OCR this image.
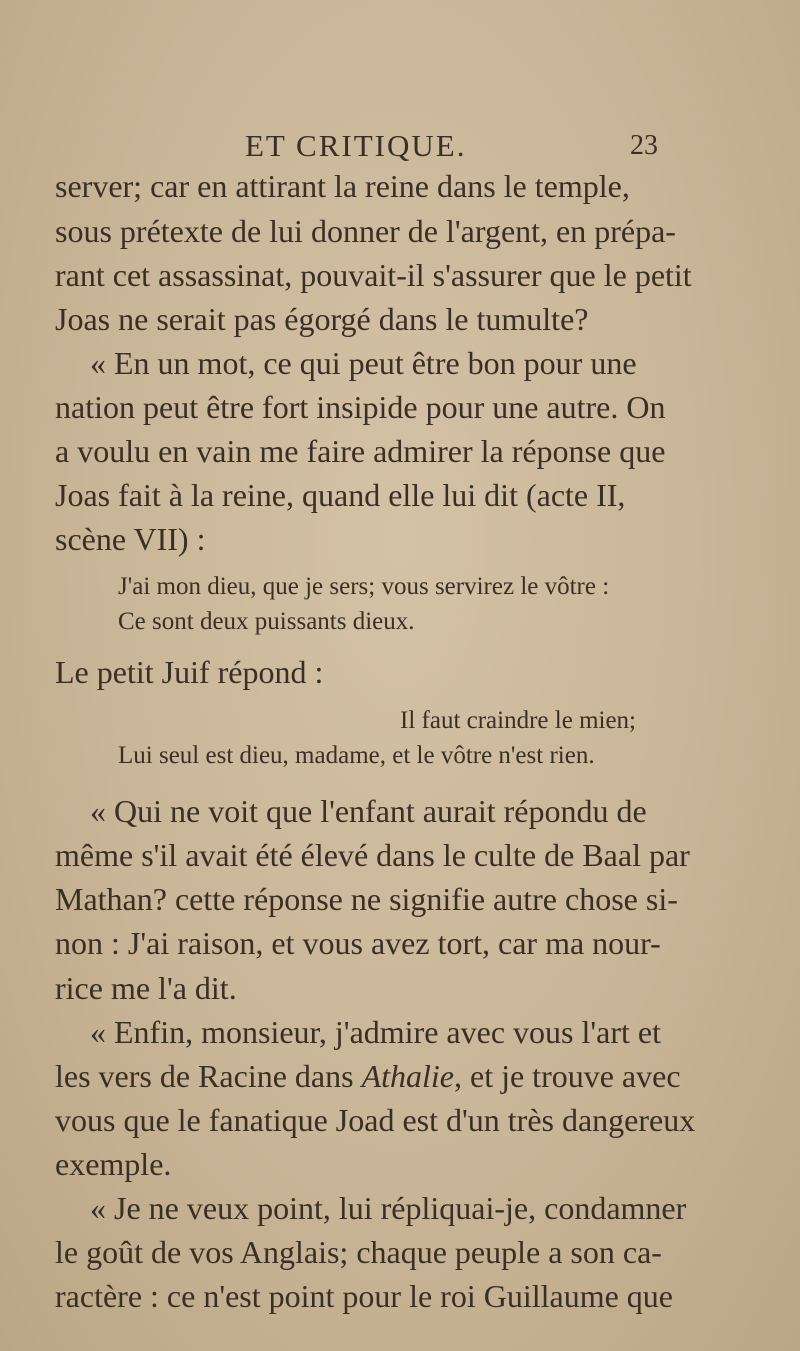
ET CRITIQUE.	23
server; car en attirant la reine dans le temple,
sous prétexte de lui donner de l'argent, en prépa-
rant cet assassinat, pouvait-il s'assurer que le petit
Joas ne serait pas égorgé dans le tumulte?
« En un mot, ce qui peut être bon pour une
nation peut être fort insipide pour une autre. On
a voulu en vain me faire admirer la réponse que
Joas fait à la reine, quand elle lui dit (acte II,
scène VII) :
J'ai mon dieu, que je sers; vous servirez le vôtre :
Ce sont deux puissants dieux.
Le petit Juif répond :
Il faut craindre le mien;
Lui seul est dieu, madame, et le vôtre n'est rien.
« Qui ne voit que l'enfant aurait répondu de
même s'il avait été élevé dans le culte de Baal par
Mathan? cette réponse ne signifie autre chose si-
non : J'ai raison, et vous avez tort, car ma nour-
rice me l'a dit.
« Enfin, monsieur, j'admire avec vous l'art et
les vers de Racine dans Athalie, et je trouve avec
vous que le fanatique Joad est d'un très dangereux
exemple.
« Je ne veux point, lui répliquai-je, condamner
le goût de vos Anglais; chaque peuple a son ca-
ractère : ce n'est point pour le roi Guillaume que
